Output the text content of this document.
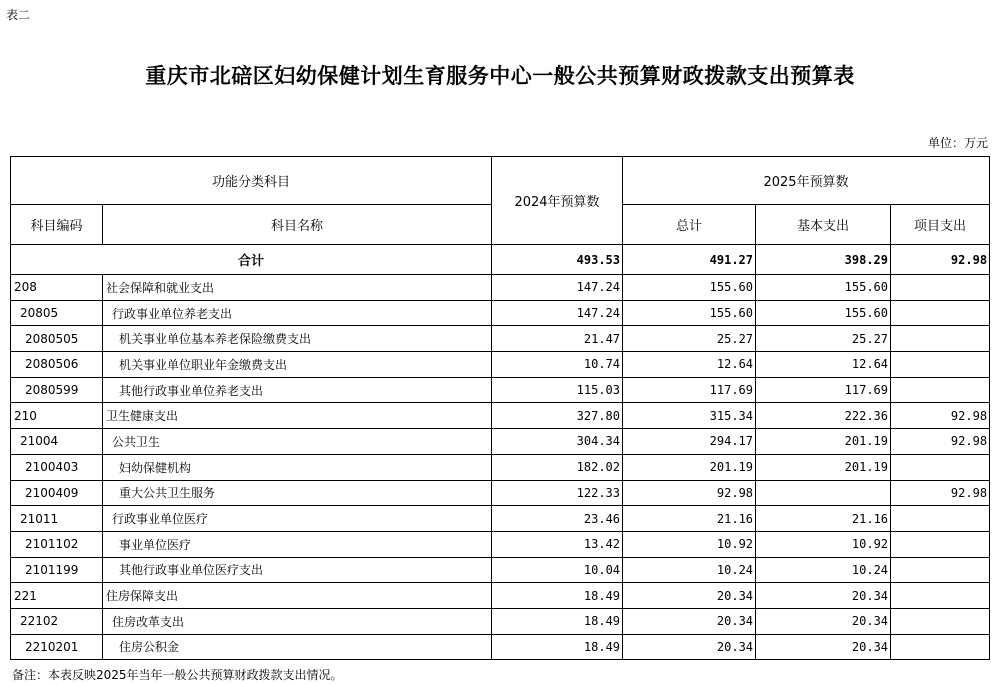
表二
重庆市北碚区妇幼保健计划生育服务中心一般公共预算财政拨款支出预算表
单位：万元
功能分类科目		2024年预算数	2025年预算数		
科目编码	科目名称		总计	基本支出	项目支出
合计		493.53	491.27	398.29	92.98
208	社会保障和就业支出	147.24	155.60	155.60	
20805	行政事业单位养老支出	147.24	155.60	155.60	
2080505	机关事业单位基本养老保险缴费支出	21.47	25.27	25.27	
2080506	机关事业单位职业年金缴费支出	10.74	12.64	12.64	
2080599	其他行政事业单位养老支出	115.03	117.69	117.69	
210	卫生健康支出	327.80	315.34	222.36	92.98
21004	公共卫生	304.34	294.17	201.19	92.98
2100403	妇幼保健机构	182.02	201.19	201.19	
2100409	重大公共卫生服务	122.33	92.98		92.98
21011	行政事业单位医疗	23.46	21.16	21.16	
2101102	事业单位医疗	13.42	10.92	10.92	
2101199	其他行政事业单位医疗支出	10.04	10.24	10.24	
221	住房保障支出	18.49	20.34	20.34	
22102	住房改革支出	18.49	20.34	20.34	
2210201	住房公积金	18.49	20.34	20.34	
备注：本表反映2025年当年一般公共预算财政拨款支出情况。
